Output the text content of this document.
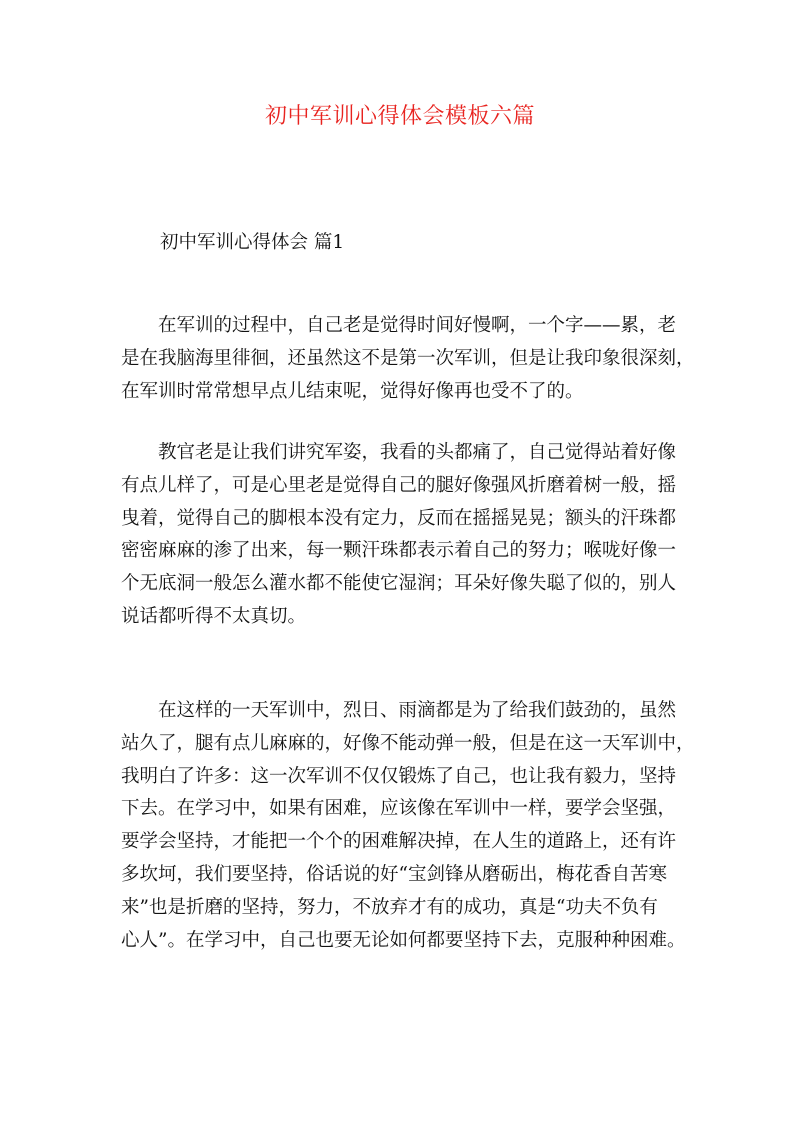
初中军训心得体会模板六篇
初中军训心得体会 篇1
　　在军训的过程中，自己老是觉得时间好慢啊，一个字——累，老
是在我脑海里徘徊，还虽然这不是第一次军训，但是让我印象很深刻，
在军训时常常想早点儿结束呢，觉得好像再也受不了的。
　　教官老是让我们讲究军姿，我看的头都痛了，自己觉得站着好像
有点儿样了，可是心里老是觉得自己的腿好像强风折磨着树一般，摇
曳着，觉得自己的脚根本没有定力，反而在摇摇晃晃；额头的汗珠都
密密麻麻的渗了出来，每一颗汗珠都表示着自己的努力；喉咙好像一
个无底洞一般怎么灌水都不能使它湿润；耳朵好像失聪了似的，别人
说话都听得不太真切。
　　在这样的一天军训中，烈日、雨滴都是为了给我们鼓劲的，虽然
站久了，腿有点儿麻麻的，好像不能动弹一般，但是在这一天军训中，
我明白了许多：这一次军训不仅仅锻炼了自己，也让我有毅力，坚持
下去。在学习中，如果有困难，应该像在军训中一样，要学会坚强，
要学会坚持，才能把一个个的困难解决掉，在人生的道路上，还有许
多坎坷，我们要坚持，俗话说的好“宝剑锋从磨砺出，梅花香自苦寒
来”也是折磨的坚持，努力，不放弃才有的成功，真是“功夫不负有
心人”。在学习中，自己也要无论如何都要坚持下去，克服种种困难。
